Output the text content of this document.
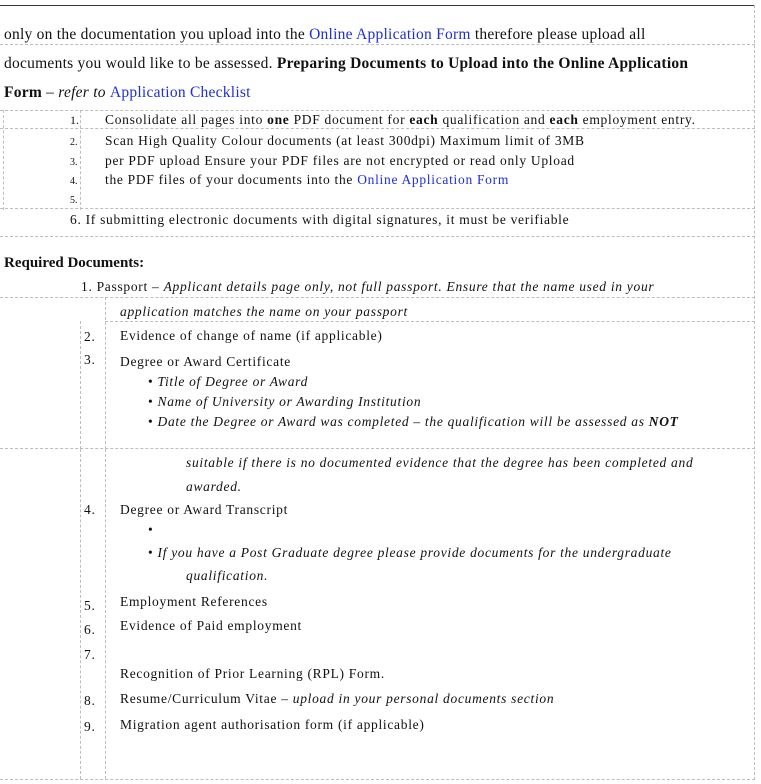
only on the documentation you upload into the Online Application Form therefore please upload all
documents you would like to be assessed. Preparing Documents to Upload into the Online Application
Form – refer to Application Checklist
1. Consolidate all pages into one PDF document for each qualification and each employment entry.
2. Scan High Quality Colour documents (at least 300dpi) Maximum limit of 3MB
3. per PDF upload Ensure your PDF files are not encrypted or read only Upload
4. the PDF files of your documents into the Online Application Form
5.
6. If submitting electronic documents with digital signatures, it must be verifiable
Required Documents:
1. Passport – Applicant details page only, not full passport. Ensure that the name used in your
application matches the name on your passport
2. Evidence of change of name (if applicable)
3. Degree or Award Certificate
• Title of Degree or Award
• Name of University or Awarding Institution
• Date the Degree or Award was completed – the qualification will be assessed as NOT
suitable if there is no documented evidence that the degree has been completed and
awarded.
4. Degree or Award Transcript
•
• If you have a Post Graduate degree please provide documents for the undergraduate
qualification.
5. Employment References
6. Evidence of Paid employment
7.
Recognition of Prior Learning (RPL) Form.
8. Resume/Curriculum Vitae – upload in your personal documents section
9. Migration agent authorisation form (if applicable)
